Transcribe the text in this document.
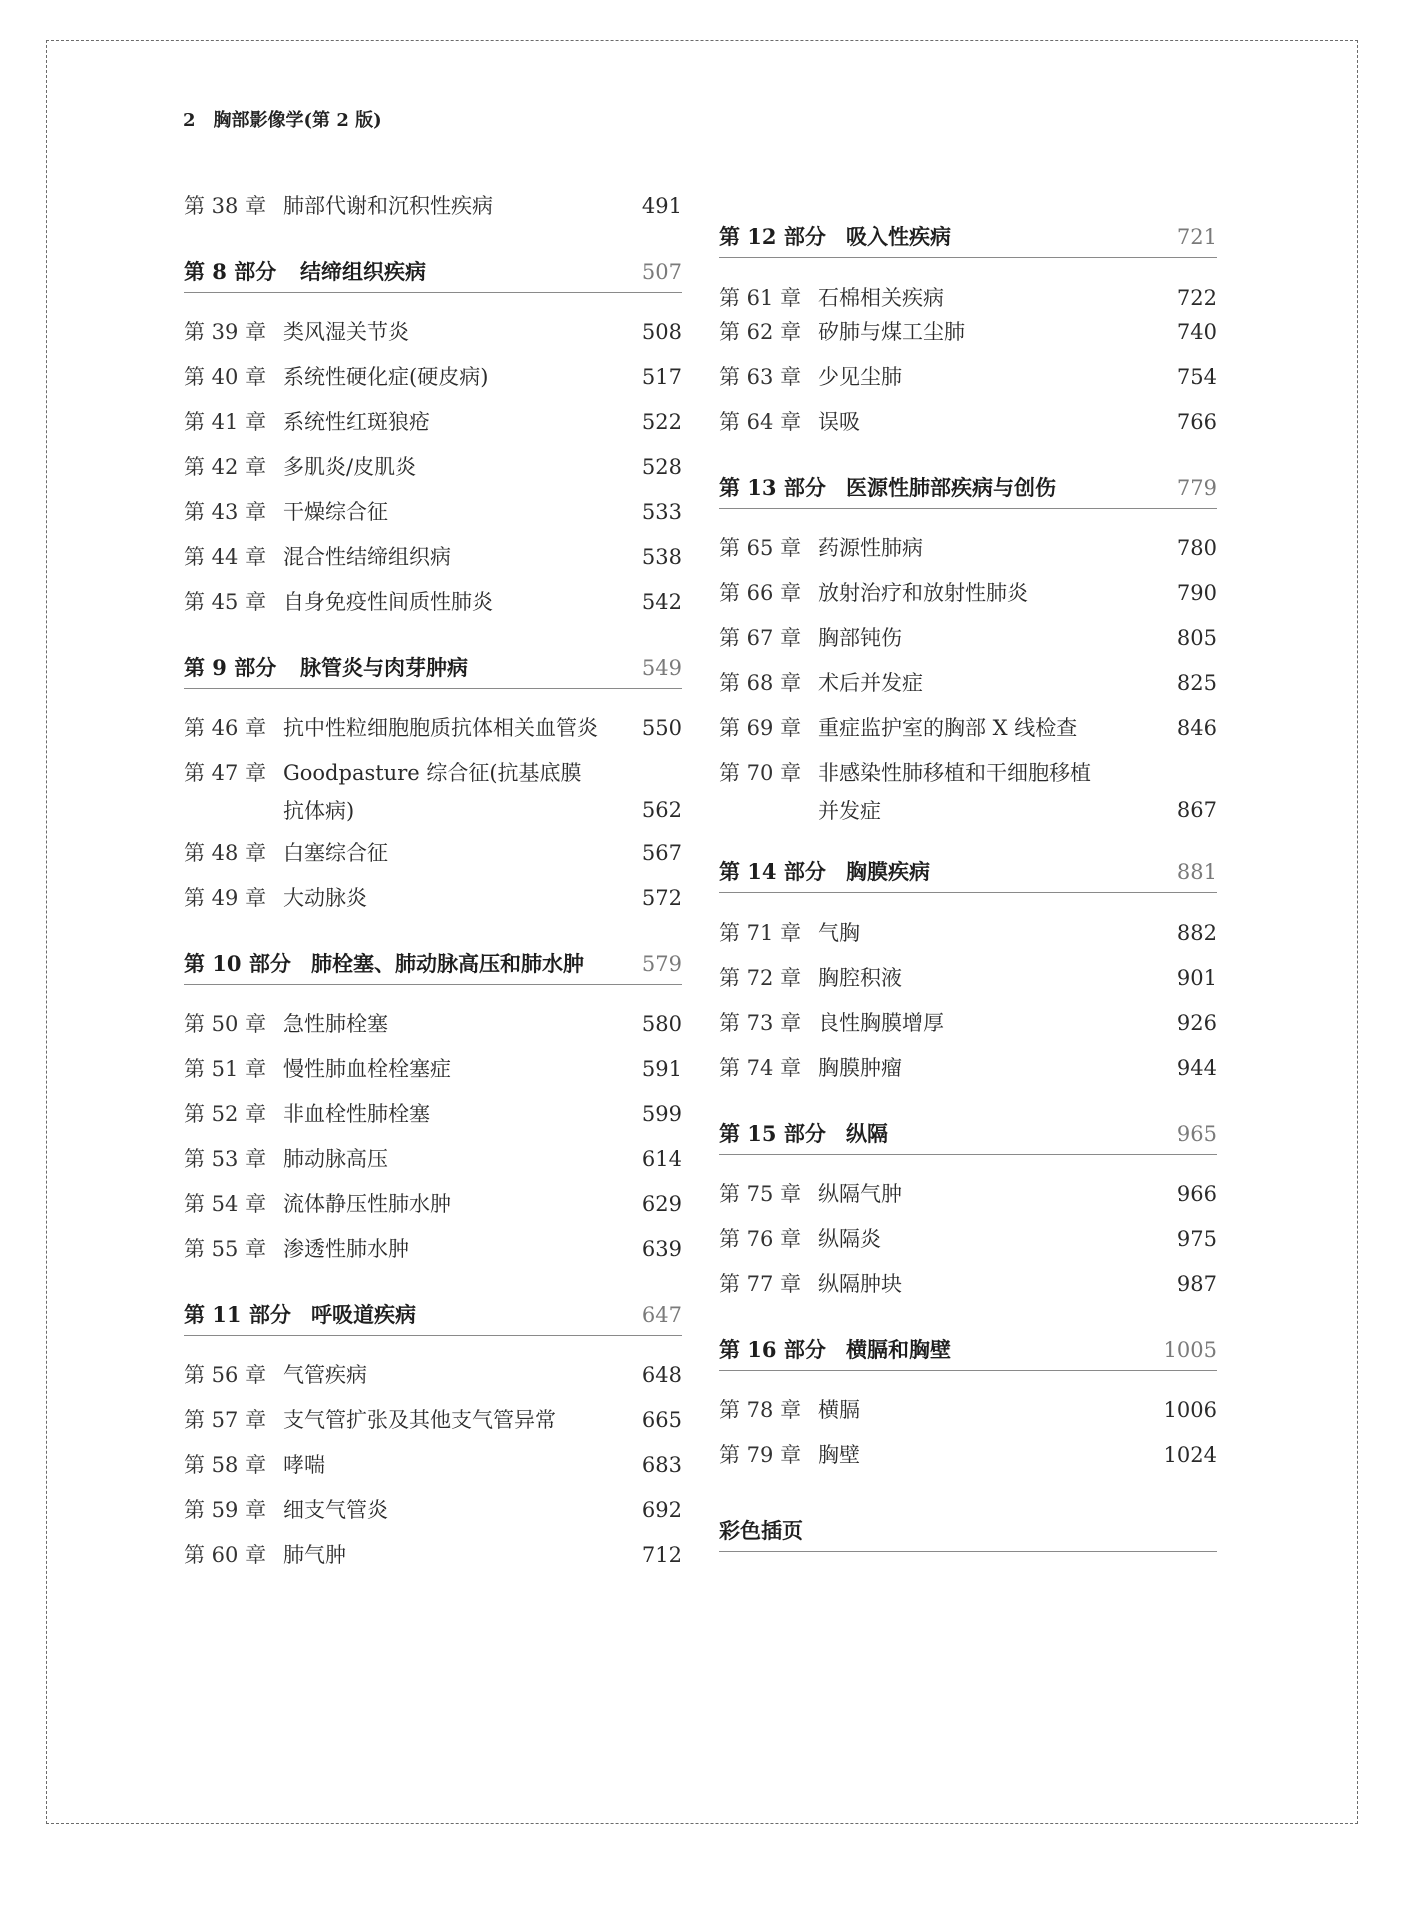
2 胸部影像学(第 2 版)
第 38 章 肺部代谢和沉积性疾病	491
第 8 部分 结缔组织疾病	507
第 39 章 类风湿关节炎	508
第 40 章 系统性硬化症(硬皮病)	517
第 41 章 系统性红斑狼疮	522
第 42 章 多肌炎/皮肌炎	528
第 43 章 干燥综合征	533
第 44 章 混合性结缔组织病	538
第 45 章 自身免疫性间质性肺炎	542
第 9 部分 脉管炎与肉芽肿病	549
第 46 章 抗中性粒细胞胞质抗体相关血管炎 550
第 47 章 Goodpasture 综合征(抗基底膜
抗体病)	562
第 48 章 白塞综合征	567
第 49 章 大动脉炎	572
第 10 部分 肺栓塞、肺动脉高压和肺水肿	579
第 50 章 急性肺栓塞	580
第 51 章 慢性肺血栓栓塞症	591
第 52 章 非血栓性肺栓塞	599
第 53 章 肺动脉高压	614
第 54 章 流体静压性肺水肿	629
第 55 章 渗透性肺水肿	639
第 11 部分 呼吸道疾病	647
第 56 章 气管疾病	648
第 57 章 支气管扩张及其他支气管异常	665
第 58 章 哮喘	683
第 59 章 细支气管炎	692
第 60 章 肺气肿	712
第 12 部分 吸入性疾病	721
第 61 章 石棉相关疾病	722
第 62 章 矽肺与煤工尘肺	740
第 63 章 少见尘肺	754
第 64 章 误吸	766
第 13 部分 医源性肺部疾病与创伤	779
第 65 章 药源性肺病	780
第 66 章 放射治疗和放射性肺炎	790
第 67 章 胸部钝伤	805
第 68 章 术后并发症	825
第 69 章 重症监护室的胸部 X 线检查	846
第 70 章 非感染性肺移植和干细胞移植
并发症	867
第 14 部分 胸膜疾病	881
第 71 章 气胸	882
第 72 章 胸腔积液	901
第 73 章 良性胸膜增厚	926
第 74 章 胸膜肿瘤	944
第 15 部分 纵隔	965
第 75 章 纵隔气肿	966
第 76 章 纵隔炎	975
第 77 章 纵隔肿块	987
第 16 部分 横膈和胸壁	1005
第 78 章 横膈	1006
第 79 章 胸壁	1024
彩色插页
